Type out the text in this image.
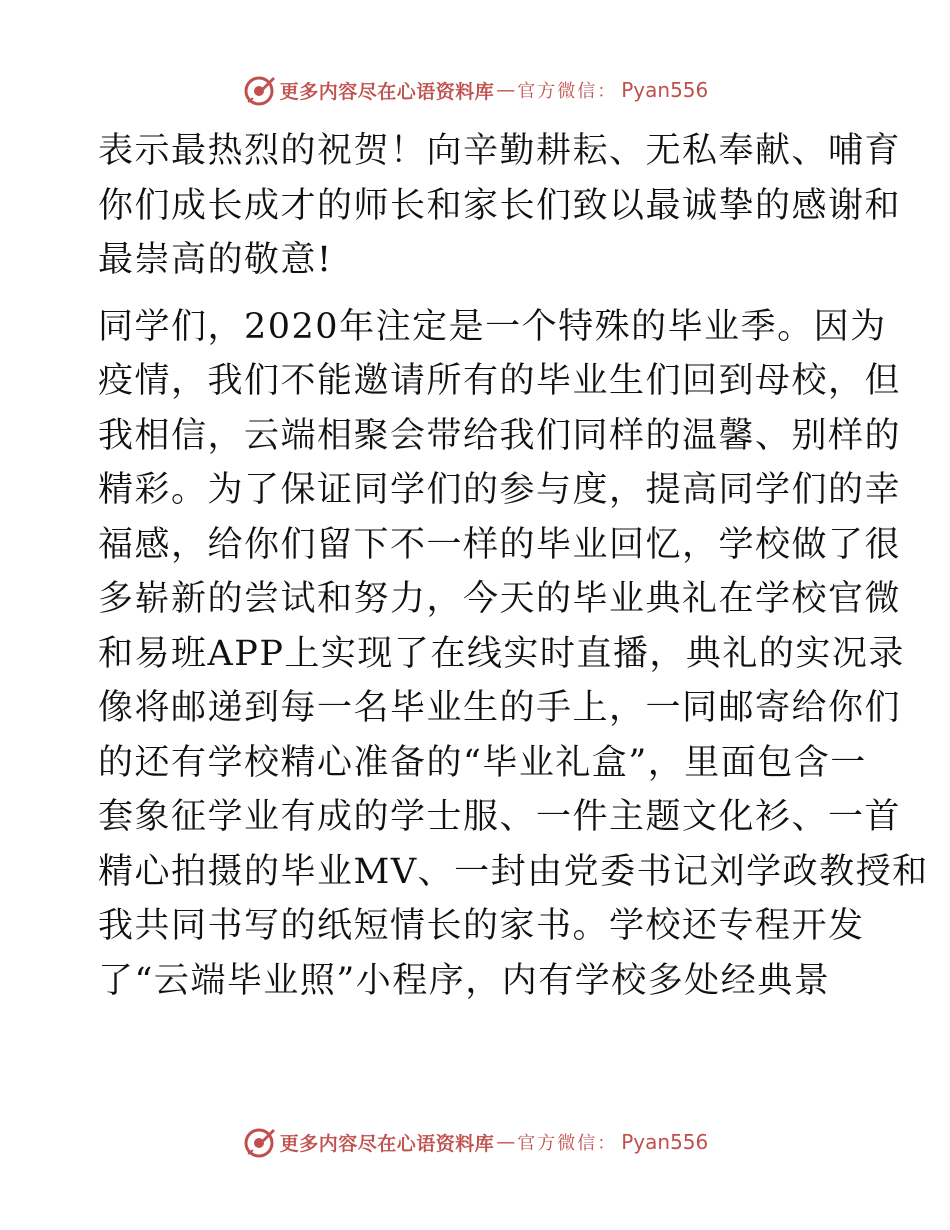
更多内容尽在心语资料库 — 官方微信： Pyan556

表示最热烈的祝贺！向辛勤耕耘、无私奉献、哺育
你们成长成才的师长和家长们致以最诚挚的感谢和
最崇高的敬意!

同学们，2020年注定是一个特殊的毕业季。因为
疫情，我们不能邀请所有的毕业生们回到母校，但
我相信，云端相聚会带给我们同样的温馨、别样的
精彩。为了保证同学们的参与度，提高同学们的幸
福感，给你们留下不一样的毕业回忆，学校做了很
多崭新的尝试和努力，今天的毕业典礼在学校官微
和易班APP上实现了在线实时直播，典礼的实况录
像将邮递到每一名毕业生的手上，一同邮寄给你们
的还有学校精心准备的“毕业礼盒”，里面包含一
套象征学业有成的学士服、一件主题文化衫、一首
精心拍摄的毕业MV、一封由党委书记刘学政教授和
我共同书写的纸短情长的家书。学校还专程开发
了“云端毕业照”小程序，内有学校多处经典景

更多内容尽在心语资料库 — 官方微信： Pyan556
